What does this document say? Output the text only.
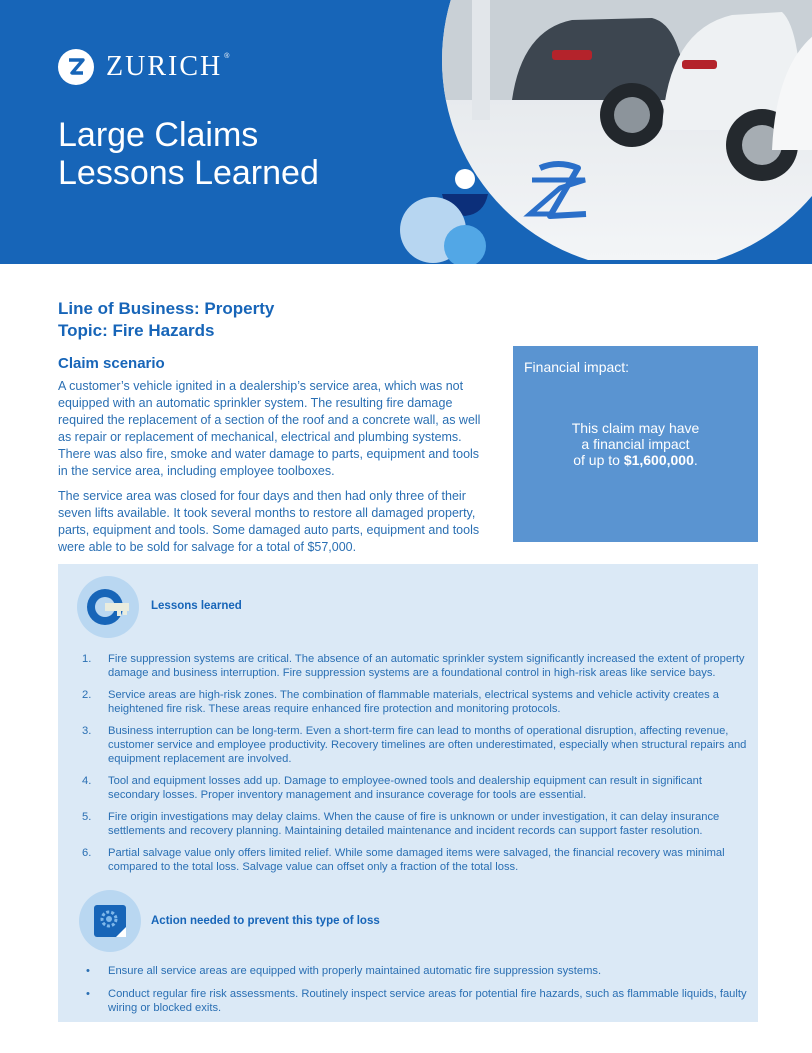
ZURICH ®
Large Claims
Lessons Learned
Line of Business: Property
Topic: Fire Hazards
Claim scenario

A customer’s vehicle ignited in a dealership’s service area, which was not equipped with an automatic sprinkler system. The resulting fire damage required the replacement of a section of the roof and a concrete wall, as well as repair or replacement of mechanical, electrical and plumbing systems. There was also fire, smoke and water damage to parts, equipment and tools in the service area, including employee toolboxes.

The service area was closed for four days and then had only three of their seven lifts available. It took several months to restore all damaged property, parts, equipment and tools. Some damaged auto parts, equipment and tools were able to be sold for salvage for a total of $57,000.

Financial impact:
This claim may have
a financial impact
of up to $1,600,000.
Lessons learned
1. Fire suppression systems are critical. The absence of an automatic sprinkler system significantly increased the extent of property damage and business interruption. Fire suppression systems are a foundational control in high-risk areas like service bays.
2. Service areas are high-risk zones. The combination of flammable materials, electrical systems and vehicle activity creates a heightened fire risk. These areas require enhanced fire protection and monitoring protocols.
3. Business interruption can be long-term. Even a short-term fire can lead to months of operational disruption, affecting revenue, customer service and employee productivity. Recovery timelines are often underestimated, especially when structural repairs and equipment replacement are involved.
4. Tool and equipment losses add up. Damage to employee-owned tools and dealership equipment can result in significant secondary losses. Proper inventory management and insurance coverage for tools are essential.
5. Fire origin investigations may delay claims. When the cause of fire is unknown or under investigation, it can delay insurance settlements and recovery planning. Maintaining detailed maintenance and incident records can support faster resolution.
6. Partial salvage value only offers limited relief. While some damaged items were salvaged, the financial recovery was minimal compared to the total loss. Salvage value can offset only a fraction of the total loss.
Action needed to prevent this type of loss
• Ensure all service areas are equipped with properly maintained automatic fire suppression systems.
• Conduct regular fire risk assessments. Routinely inspect service areas for potential fire hazards, such as flammable liquids, faulty wiring or blocked exits.
